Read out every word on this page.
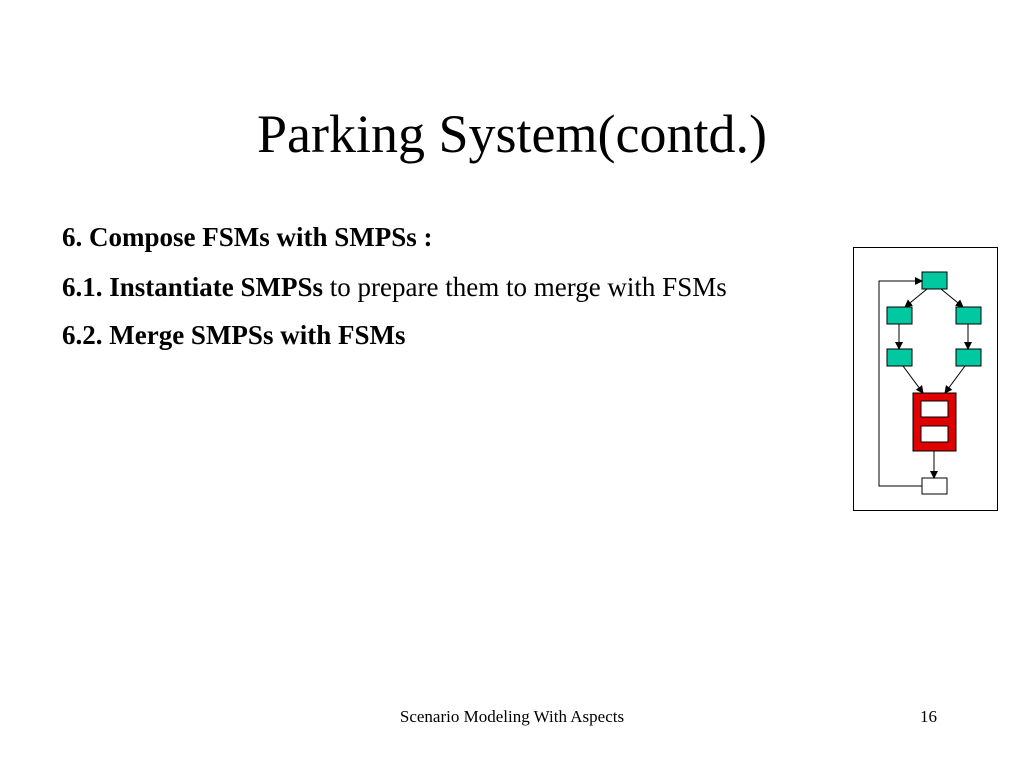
Parking System(contd.)

6. Compose FSMs with SMPSs :

6.1. Instantiate SMPSs to prepare them to merge with FSMs

6.2. Merge SMPSs with FSMs

Scenario Modeling With Aspects	16
